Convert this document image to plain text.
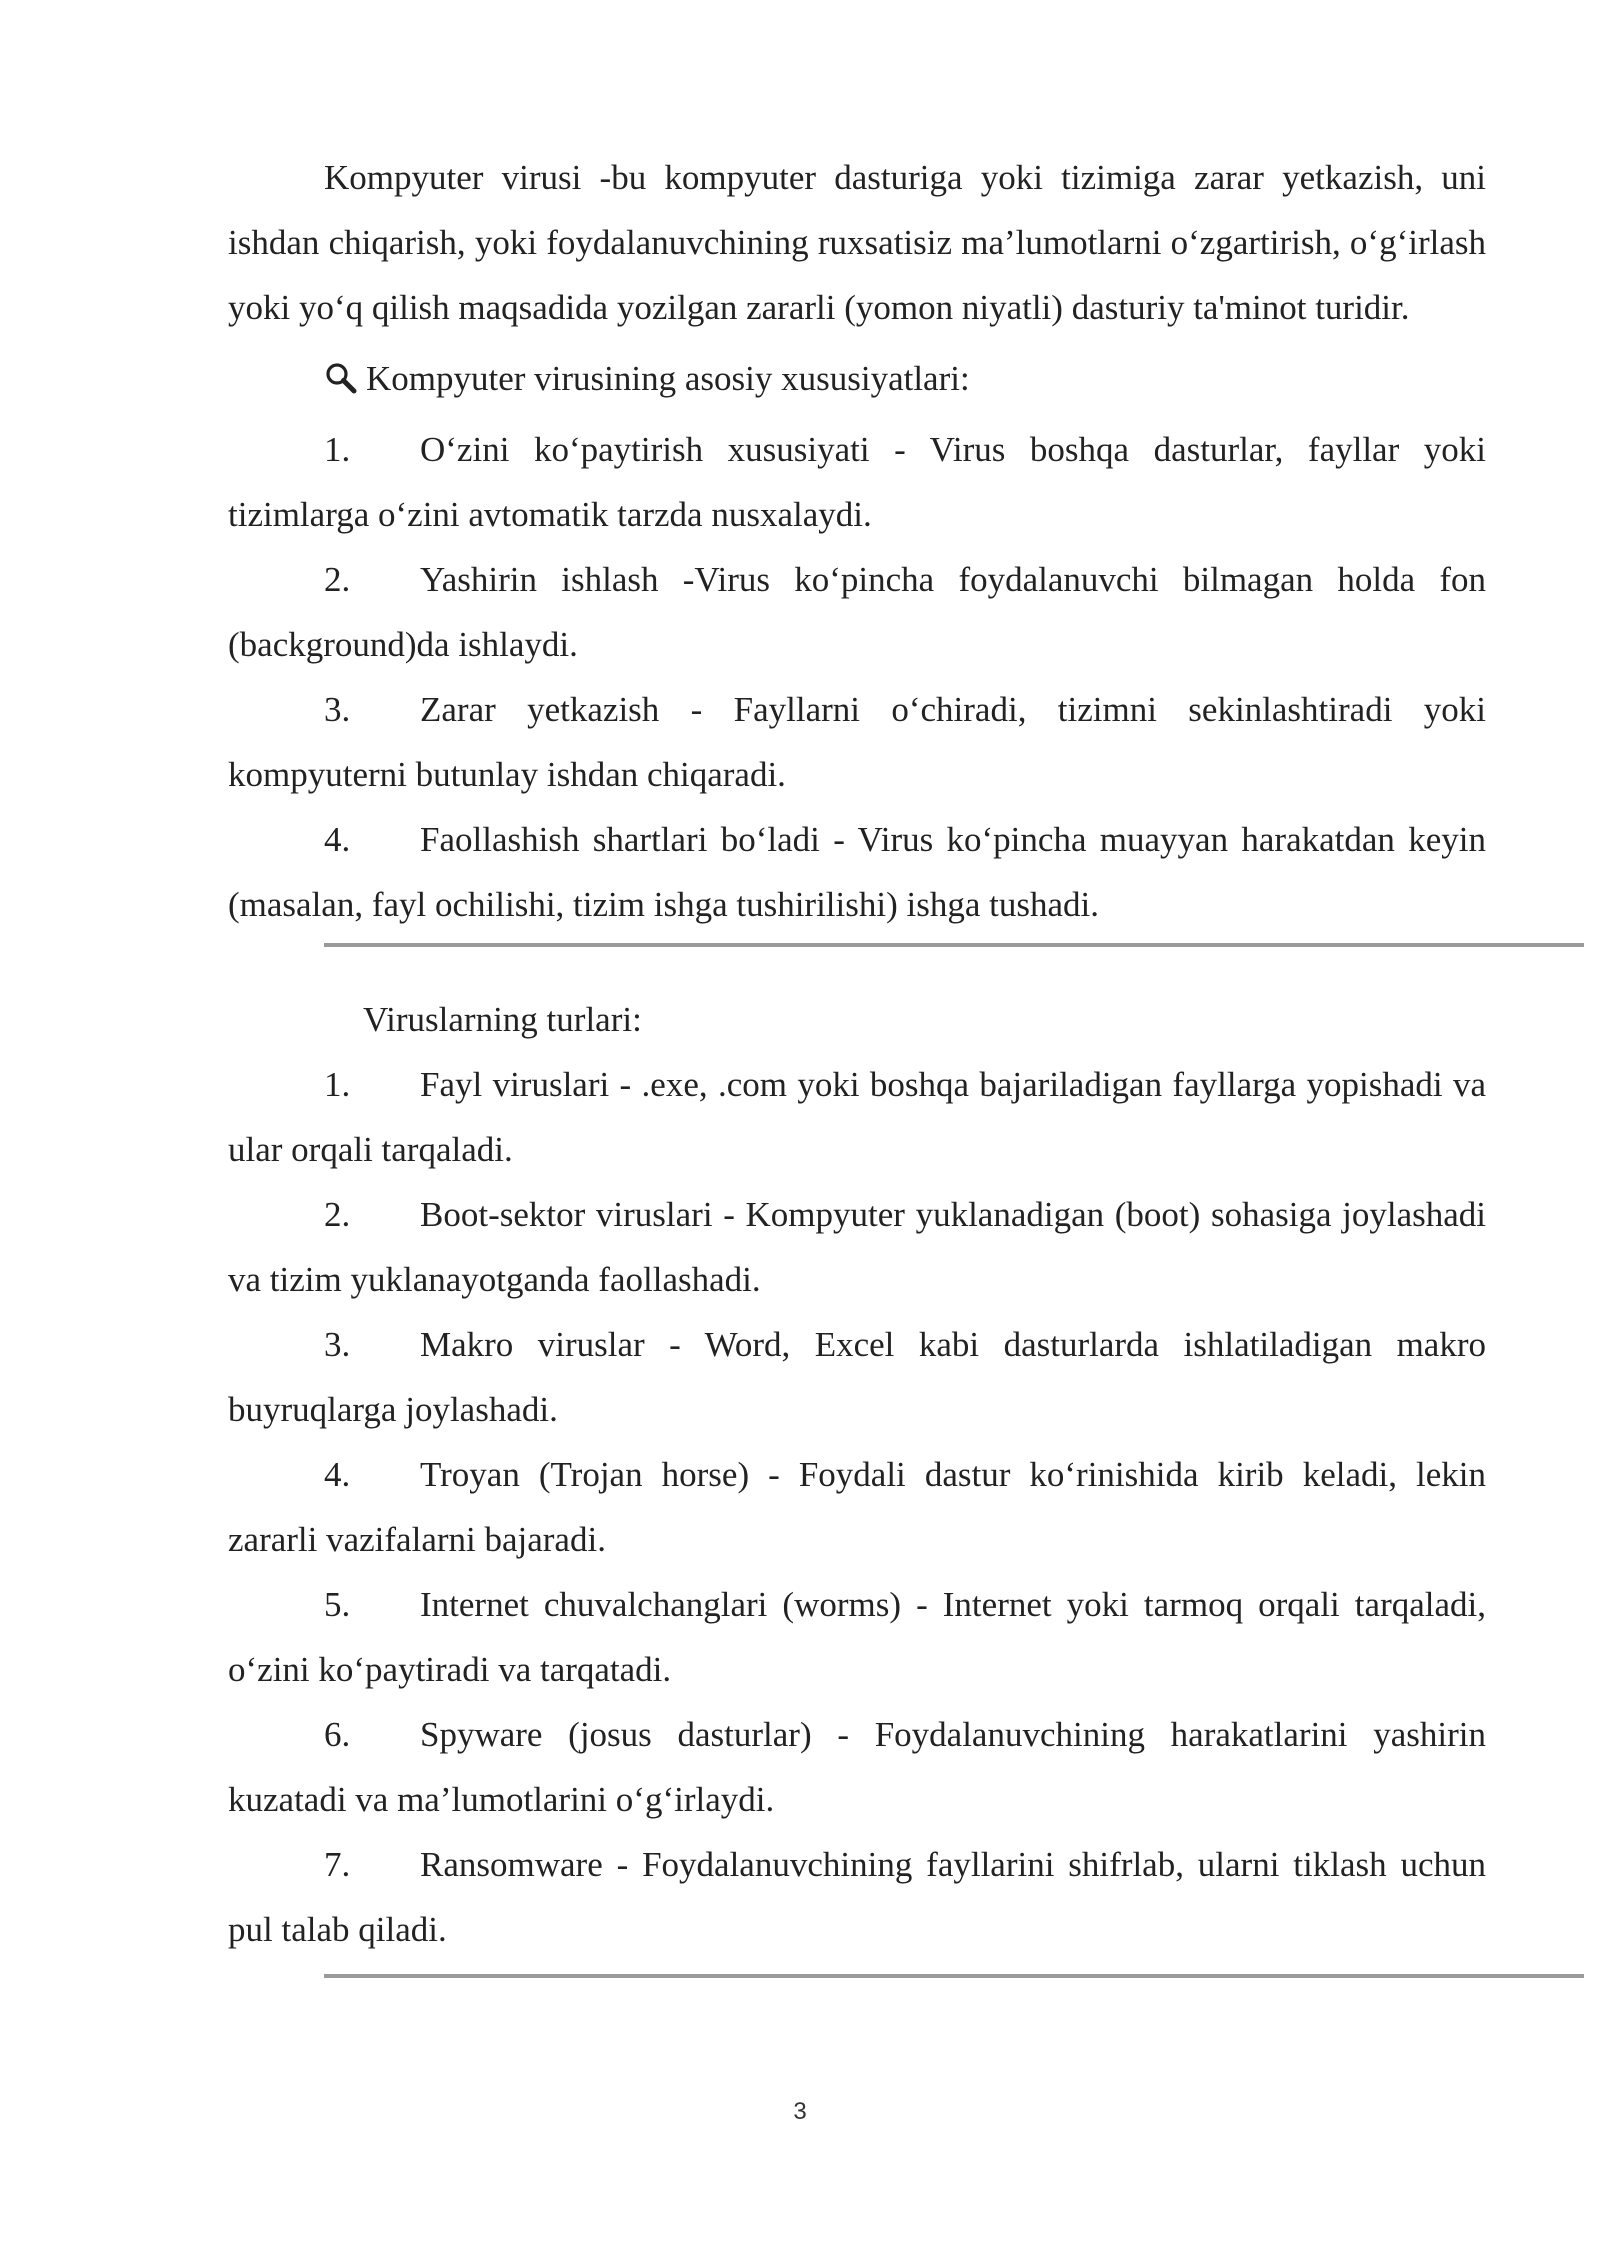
Kompyuter virusi -bu kompyuter dasturiga yoki tizimiga zarar yetkazish, uni ishdan chiqarish, yoki foydalanuvchining ruxsatisiz ma’lumotlarni o‘zgartirish, o‘g‘irlash yoki yo‘q qilish maqsadida yozilgan zararli (yomon niyatli) dasturiy ta'minot turidir.

Kompyuter virusining asosiy xususiyatlari:

1. O‘zini ko‘paytirish xususiyati - Virus boshqa dasturlar, fayllar yoki tizimlarga o‘zini avtomatik tarzda nusxalaydi.

2. Yashirin ishlash -Virus ko‘pincha foydalanuvchi bilmagan holda fon (background)da ishlaydi.

3. Zarar yetkazish - Fayllarni o‘chiradi, tizimni sekinlashtiradi yoki kompyuterni butunlay ishdan chiqaradi.

4. Faollashish shartlari bo‘ladi - Virus ko‘pincha muayyan harakatdan keyin (masalan, fayl ochilishi, tizim ishga tushirilishi) ishga tushadi.

Viruslarning turlari:

1. Fayl viruslari - .exe, .com yoki boshqa bajariladigan fayllarga yopishadi va ular orqali tarqaladi.

2. Boot-sektor viruslari - Kompyuter yuklanadigan (boot) sohasiga joylashadi va tizim yuklanayotganda faollashadi.

3. Makro viruslar - Word, Excel kabi dasturlarda ishlatiladigan makro buyruqlarga joylashadi.

4. Troyan (Trojan horse) - Foydali dastur ko‘rinishida kirib keladi, lekin zararli vazifalarni bajaradi.

5. Internet chuvalchanglari (worms) - Internet yoki tarmoq orqali tarqaladi, o‘zini ko‘paytiradi va tarqatadi.

6. Spyware (josus dasturlar) - Foydalanuvchining harakatlarini yashirin kuzatadi va ma’lumotlarini o‘g‘irlaydi.

7. Ransomware - Foydalanuvchining fayllarini shifrlab, ularni tiklash uchun pul talab qiladi.

3
